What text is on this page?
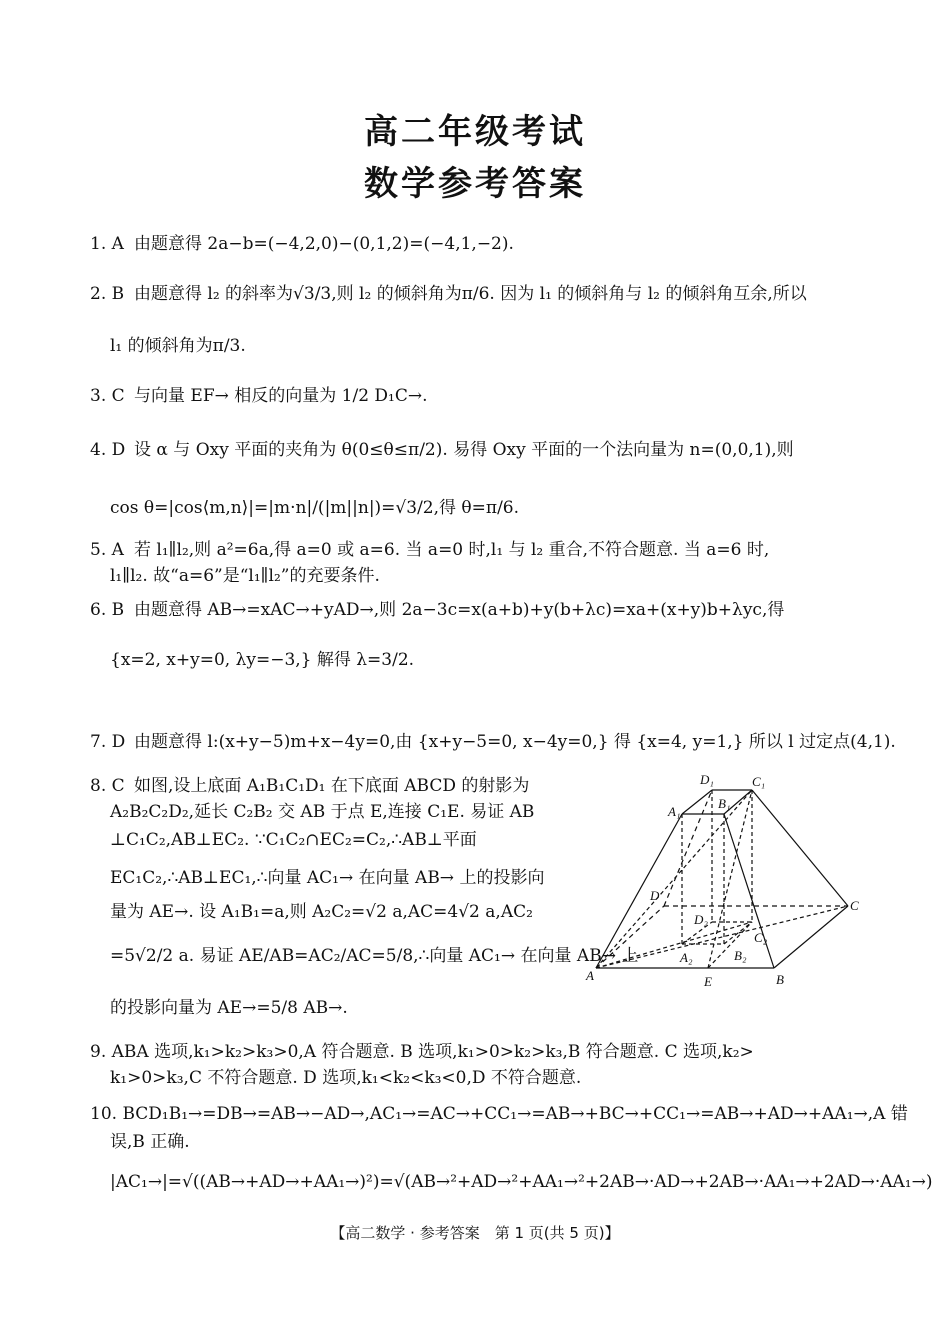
高二年级考试
数学参考答案
1. A 由题意得 2a−b=(−4,2,0)−(0,1,2)=(−4,1,−2).
2. B 由题意得 l₂ 的斜率为√3/3,则 l₂ 的倾斜角为π/6. 因为 l₁ 的倾斜角与 l₂ 的倾斜角互余,所以
l₁ 的倾斜角为π/3.
3. C 与向量 EF→ 相反的向量为 1/2 D₁C→.
4. D 设 α 与 Oxy 平面的夹角为 θ(0≤θ≤π/2). 易得 Oxy 平面的一个法向量为 n=(0,0,1),则
cos θ=|cos⟨m,n⟩|=|m·n|/(|m||n|)=√3/2,得 θ=π/6.
5. A 若 l₁∥l₂,则 a²=6a,得 a=0 或 a=6. 当 a=0 时,l₁ 与 l₂ 重合,不符合题意. 当 a=6 时,
l₁∥l₂. 故“a=6”是“l₁∥l₂”的充要条件.
6. B 由题意得 AB→=xAC→+yAD→,则 2a−3c=x(a+b)+y(b+λc)=xa+(x+y)b+λyc,得
{x=2, x+y=0, λy=−3,} 解得 λ=3/2.
7. D 由题意得 l:(x+y−5)m+x−4y=0,由 {x+y−5=0, x−4y=0,} 得 {x=4, y=1,} 所以 l 过定点(4,1).
8. C 如图,设上底面 A₁B₁C₁D₁ 在下底面 ABCD 的射影为
A₂B₂C₂D₂,延长 C₂B₂ 交 AB 于点 E,连接 C₁E. 易证 AB
⊥C₁C₂,AB⊥EC₂. ∵C₁C₂∩EC₂=C₂,∴AB⊥平面
EC₁C₂,∴AB⊥EC₁,∴向量 AC₁→ 在向量 AB→ 上的投影向
量为 AE→. 设 A₁B₁=a,则 A₂C₂=√2 a,AC=4√2 a,AC₂
=5√2/2 a. 易证 AE/AB=AC₂/AC=5/8,∴向量 AC₁→ 在向量 AB→ 上
的投影向量为 AE→=5/8 AB→.
9. ABA 选项,k₁>k₂>k₃>0,A 符合题意. B 选项,k₁>0>k₂>k₃,B 符合题意. C 选项,k₂>
k₁>0>k₃,C 不符合题意. D 选项,k₁<k₂<k₃<0,D 不符合题意.
10. BCD₁B₁→=DB→=AB→−AD→,AC₁→=AC→+CC₁→=AB→+BC→+CC₁→=AB→+AD→+AA₁→,A 错
误,B 正确.
|AC₁→|=√((AB→+AD→+AA₁→)²)=√(AB→²+AD→²+AA₁→²+2AB→·AD→+2AB→·AA₁→+2AD→·AA₁→)
D₁	C₁
A₁
B₁
D
C
D₂
C₂
A₂	B₂
A	E	B
【高二数学 · 参考答案　第 1 页(共 5 页)】
